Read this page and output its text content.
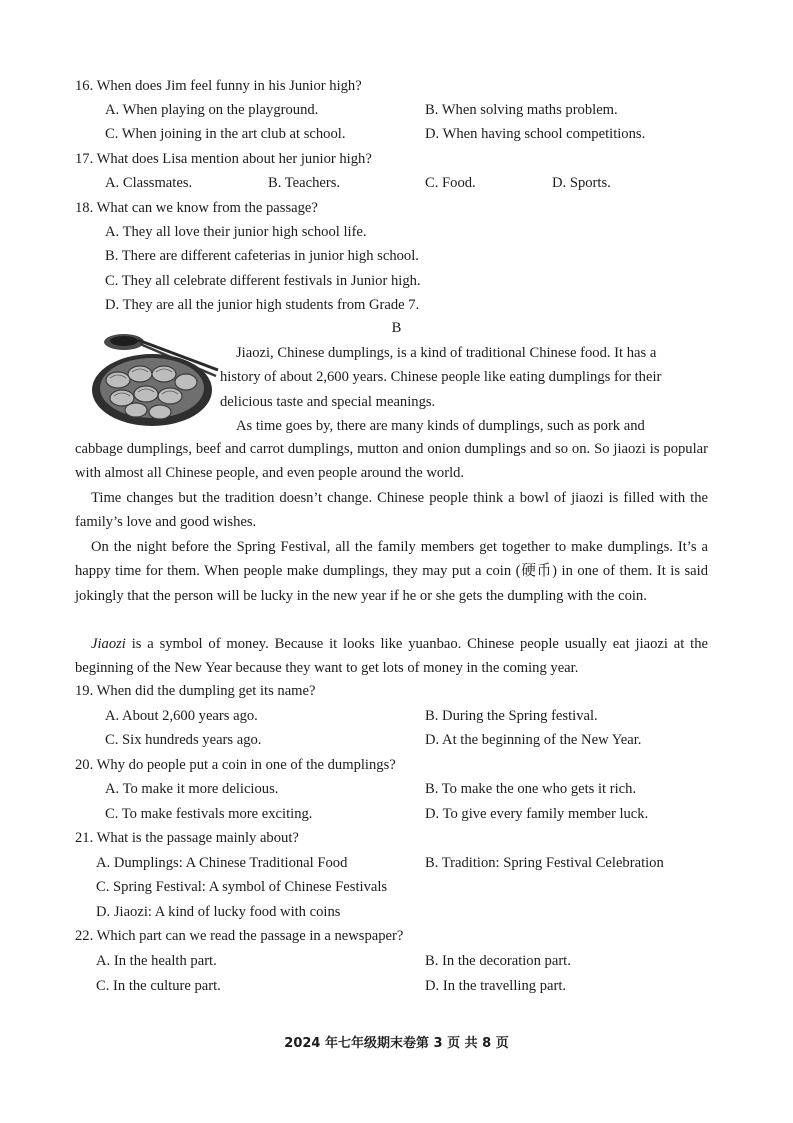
16. When does Jim feel funny in his Junior high?
A. When playing on the playground.	B. When solving maths problem.
C. When joining in the art club at school.	D. When having school competitions.
17. What does Lisa mention about her junior high?
A. Classmates.	B. Teachers.	C. Food.	D. Sports.
18. What can we know from the passage?
A. They all love their junior high school life.
B. There are different cafeterias in junior high school.
C. They all celebrate different festivals in Junior high.
D. They are all the junior high students from Grade 7.
B
Jiaozi, Chinese dumplings, is a kind of traditional Chinese food. It has a
history of about 2,600 years. Chinese people like eating dumplings for their
delicious taste and special meanings.
As time goes by, there are many kinds of dumplings, such as pork and
cabbage dumplings, beef and carrot dumplings, mutton and onion dumplings and so on. So jiaozi is popular with almost all Chinese people, and even people around the world.
Time changes but the tradition doesn’t change. Chinese people think a bowl of jiaozi is filled with the family’s love and good wishes.
On the night before the Spring Festival, all the family members get together to make dumplings. It’s a happy time for them. When people make dumplings, they may put a coin (硬币) in one of them. It is said jokingly that the person will be lucky in the new year if he or she gets the dumpling with the coin.
Jiaozi is a symbol of money. Because it looks like yuanbao. Chinese people usually eat jiaozi at the beginning of the New Year because they want to get lots of money in the coming year.
19. When did the dumpling get its name?
A. About 2,600 years ago.	B. During the Spring festival.
C. Six hundreds years ago.	D. At the beginning of the New Year.
20. Why do people put a coin in one of the dumplings?
A. To make it more delicious.	B. To make the one who gets it rich.
C. To make festivals more exciting.	D. To give every family member luck.
21. What is the passage mainly about?
A. Dumplings: A Chinese Traditional Food	B. Tradition: Spring Festival Celebration
C. Spring Festival: A symbol of Chinese Festivals
D. Jiaozi: A kind of lucky food with coins
22. Which part can we read the passage in a newspaper?
A. In the health part.	B. In the decoration part.
C. In the culture part.	D. In the travelling part.
2024 年七年级期末卷第 3 页 共 8 页
